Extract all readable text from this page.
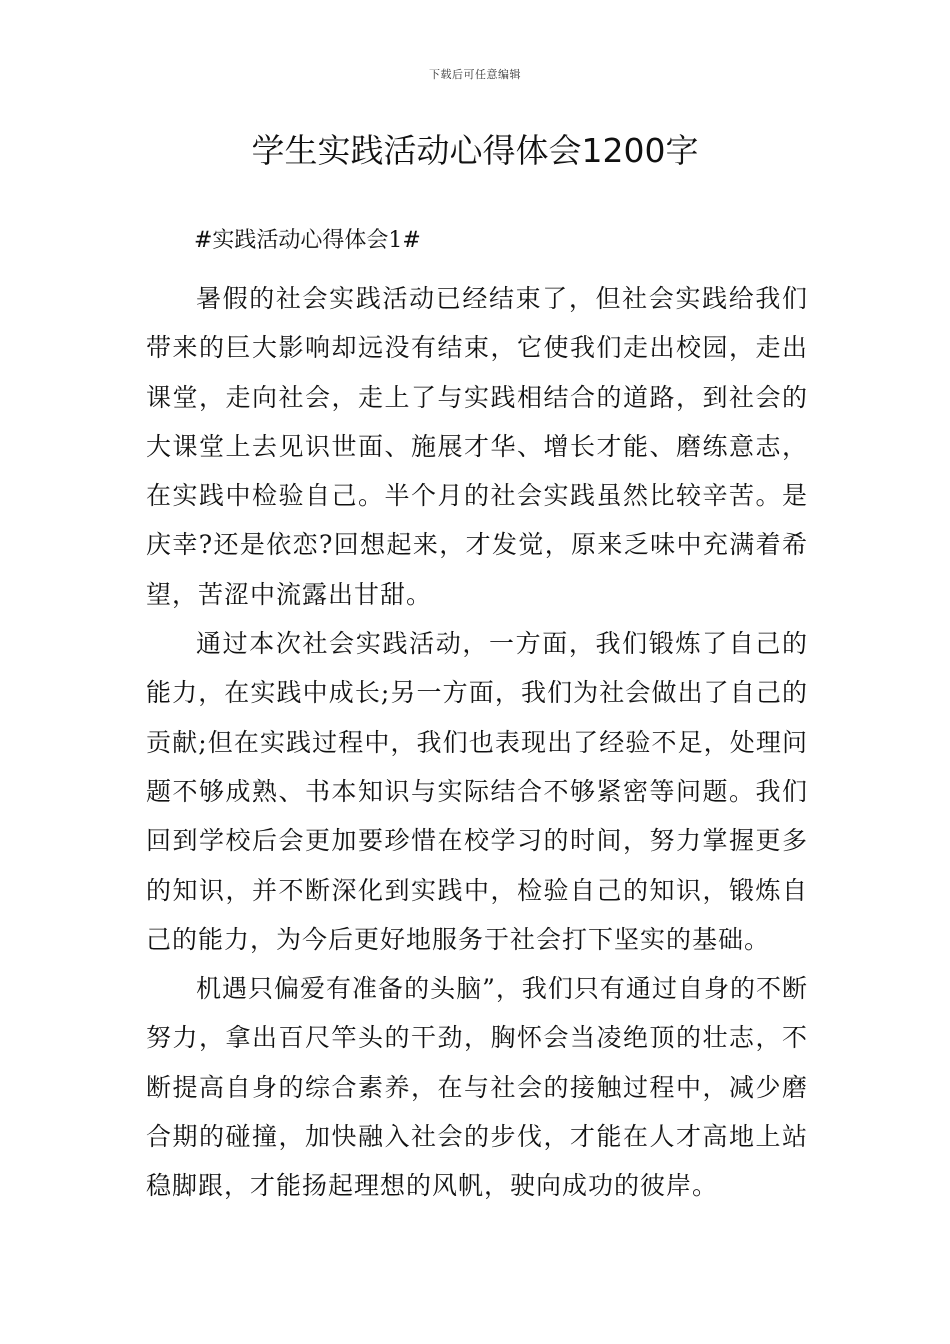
下载后可任意编辑
学生实践活动心得体会1200字

#实践活动心得体会1#

暑假的社会实践活动已经结束了，但社会实践给我们带来的巨大影响却远没有结束，它使我们走出校园，走出课堂，走向社会，走上了与实践相结合的道路，到社会的大课堂上去见识世面、施展才华、增长才能、磨练意志，在实践中检验自己。半个月的社会实践虽然比较辛苦。是庆幸?还是依恋?回想起来，才发觉，原来乏味中充满着希望，苦涩中流露出甘甜。

通过本次社会实践活动，一方面，我们锻炼了自己的能力，在实践中成长;另一方面，我们为社会做出了自己的贡献;但在实践过程中，我们也表现出了经验不足，处理问题不够成熟、书本知识与实际结合不够紧密等问题。我们回到学校后会更加要珍惜在校学习的时间，努力掌握更多的知识，并不断深化到实践中，检验自己的知识，锻炼自己的能力，为今后更好地服务于社会打下坚实的基础。

机遇只偏爱有准备的头脑”，我们只有通过自身的不断努力，拿出百尺竿头的干劲，胸怀会当凌绝顶的壮志，不断提高自身的综合素养，在与社会的接触过程中，减少磨合期的碰撞，加快融入社会的步伐，才能在人才高地上站稳脚跟，才能扬起理想的风帆，驶向成功的彼岸。
